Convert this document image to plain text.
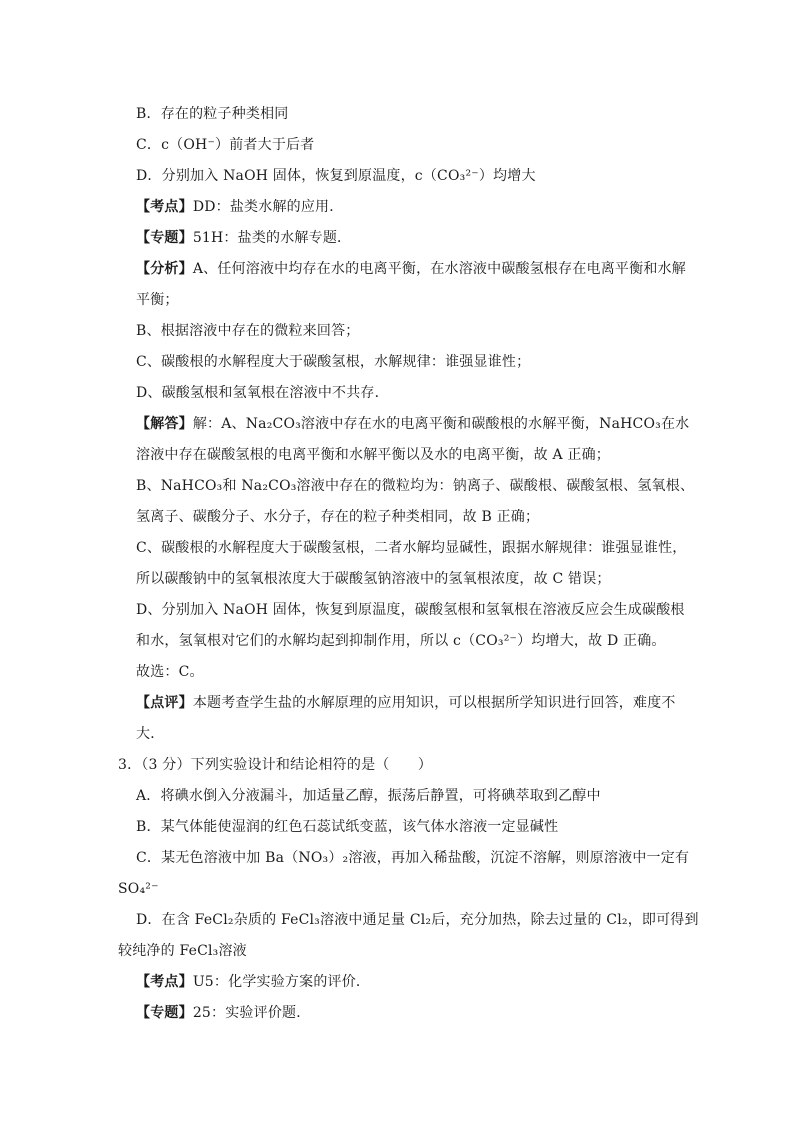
B．存在的粒子种类相同
C．c（OH⁻）前者大于后者
D．分别加入 NaOH 固体，恢复到原温度，c（CO₃²⁻）均增大
【考点】DD：盐类水解的应用．
【专题】51H：盐类的水解专题．
【分析】A、任何溶液中均存在水的电离平衡，在水溶液中碳酸氢根存在电离平衡和水解
平衡；
B、根据溶液中存在的微粒来回答；
C、碳酸根的水解程度大于碳酸氢根，水解规律：谁强显谁性；
D、碳酸氢根和氢氧根在溶液中不共存．
【解答】解：A、Na₂CO₃溶液中存在水的电离平衡和碳酸根的水解平衡，NaHCO₃在水
溶液中存在碳酸氢根的电离平衡和水解平衡以及水的电离平衡，故 A 正确；
B、NaHCO₃和 Na₂CO₃溶液中存在的微粒均为：钠离子、碳酸根、碳酸氢根、氢氧根、
氢离子、碳酸分子、水分子，存在的粒子种类相同，故 B 正确；
C、碳酸根的水解程度大于碳酸氢根，二者水解均显碱性，跟据水解规律：谁强显谁性，
所以碳酸钠中的氢氧根浓度大于碳酸氢钠溶液中的氢氧根浓度，故 C 错误；
D、分别加入 NaOH 固体，恢复到原温度，碳酸氢根和氢氧根在溶液反应会生成碳酸根
和水，氢氧根对它们的水解均起到抑制作用，所以 c（CO₃²⁻）均增大，故 D 正确。
故选：C。
【点评】本题考查学生盐的水解原理的应用知识，可以根据所学知识进行回答，难度不
大．
3．（3 分）下列实验设计和结论相符的是（　　）
A．将碘水倒入分液漏斗，加适量乙醇，振荡后静置，可将碘萃取到乙醇中
B．某气体能使湿润的红色石蕊试纸变蓝，该气体水溶液一定显碱性
C．某无色溶液中加 Ba（NO₃）₂溶液，再加入稀盐酸，沉淀不溶解，则原溶液中一定有
SO₄²⁻
D．在含 FeCl₂杂质的 FeCl₃溶液中通足量 Cl₂后，充分加热，除去过量的 Cl₂，即可得到
较纯净的 FeCl₃溶液
【考点】U5：化学实验方案的评价．
【专题】25：实验评价题．
